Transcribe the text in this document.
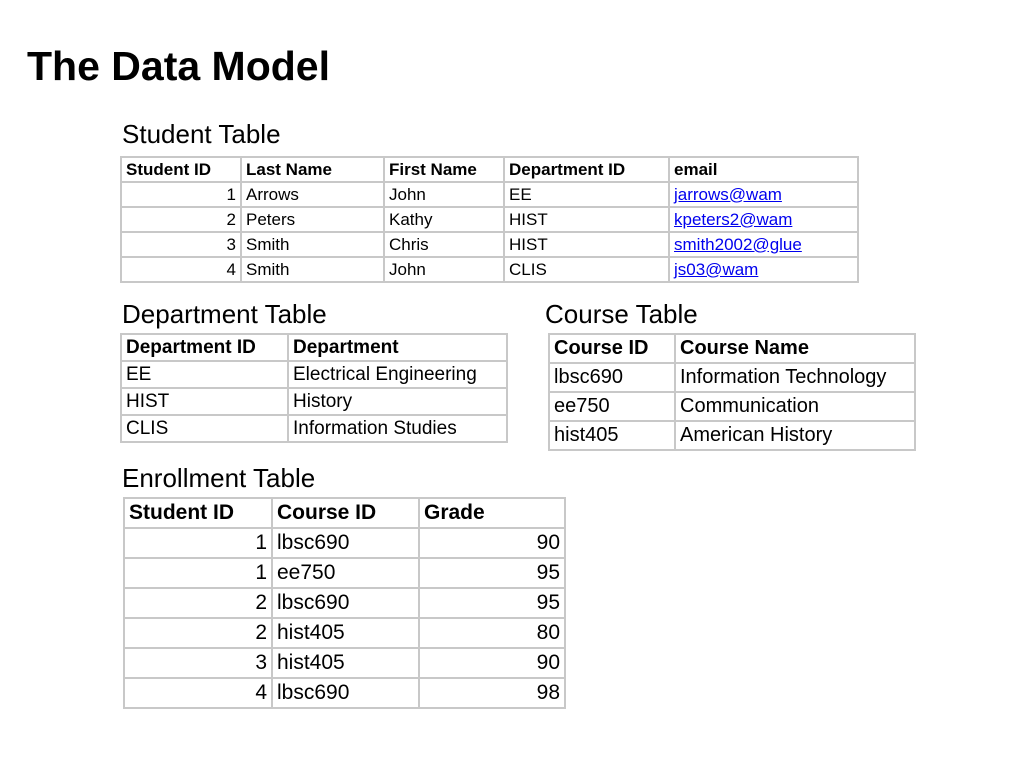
The Data Model
Student Table
Student ID	Last Name	First Name	Department ID	email
1	Arrows	John	EE	jarrows@wam
2	Peters	Kathy	HIST	kpeters2@wam
3	Smith	Chris	HIST	smith2002@glue
4	Smith	John	CLIS	js03@wam
Department Table
Department ID	Department
EE	Electrical Engineering
HIST	History
CLIS	Information Studies
Course Table
Course ID	Course Name
lbsc690	Information Technology
ee750	Communication
hist405	American History
Enrollment Table
Student ID	Course ID	Grade
1	lbsc690	90
1	ee750	95
2	lbsc690	95
2	hist405	80
3	hist405	90
4	lbsc690	98
